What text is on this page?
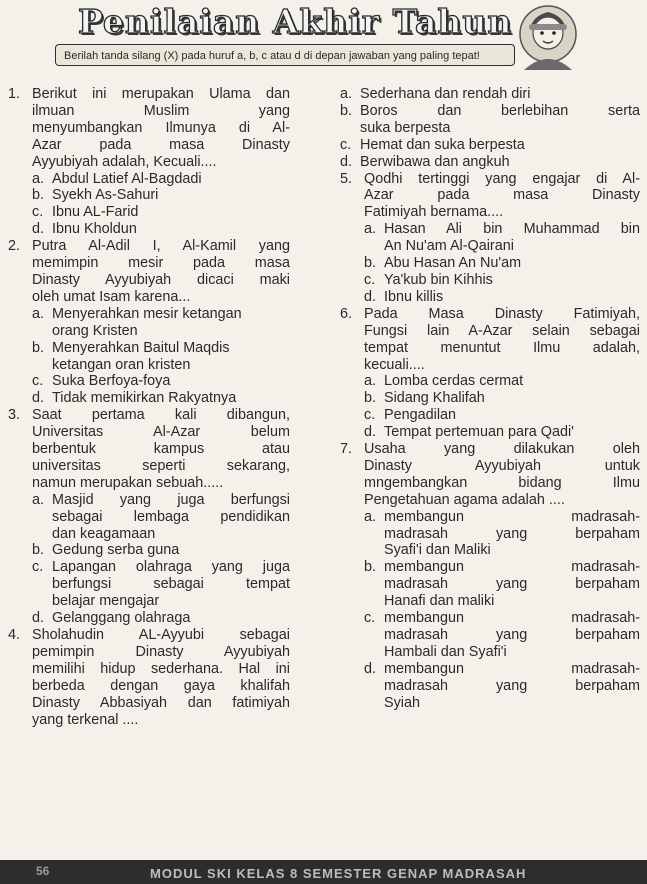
Penilaian Akhir Tahun
Berilah tanda silang (X) pada huruf a, b, c atau d di depan jawaban yang paling tepat!
1. Berikut ini merupakan Ulama dan
ilmuan Muslim yang
menyumbangkan Ilmunya di Al-
Azar pada masa Dinasty
Ayyubiyah adalah, Kecuali....
a. Abdul Latief Al-Bagdadi
b. Syekh As-Sahuri
c. Ibnu AL-Farid
d. Ibnu Kholdun
2. Putra Al-Adil I, Al-Kamil yang
memimpin mesir pada masa
Dinasty Ayyubiyah dicaci maki
oleh umat Isam karena...
a. Menyerahkan mesir ketangan
orang Kristen
b. Menyerahkan Baitul Maqdis
ketangan oran kristen
c. Suka Berfoya-foya
d. Tidak memikirkan Rakyatnya
3. Saat pertama kali dibangun,
Universitas Al-Azar belum
berbentuk kampus atau
universitas seperti sekarang,
namun merupakan sebuah.....
a. Masjid yang juga berfungsi
sebagai lembaga pendidikan
dan keagamaan
b. Gedung serba guna
c. Lapangan olahraga yang juga
berfungsi sebagai tempat
belajar mengajar
d. Gelanggang olahraga
4. Sholahudin AL-Ayyubi sebagai
pemimpin Dinasty Ayyubiyah
memilihi hidup sederhana. Hal ini
berbeda dengan gaya khalifah
Dinasty Abbasiyah dan fatimiyah
yang terkenal ....
a. Sederhana dan rendah diri
b. Boros dan berlebihan serta
suka berpesta
c. Hemat dan suka berpesta
d. Berwibawa dan angkuh
5. Qodhi tertinggi yang engajar di Al-
Azar pada masa Dinasty
Fatimiyah bernama....
a. Hasan Ali bin Muhammad bin
An Nu'am Al-Qairani
b. Abu Hasan An Nu'am
c. Ya'kub bin Kihhis
d. Ibnu killis
6. Pada Masa Dinasty Fatimiyah,
Fungsi lain A-Azar selain sebagai
tempat menuntut Ilmu adalah,
kecuali....
a. Lomba cerdas cermat
b. Sidang Khalifah
c. Pengadilan
d. Tempat pertemuan para Qadi'
7. Usaha yang dilakukan oleh
Dinasty Ayyubiyah untuk
mngembangkan bidang Ilmu
Pengetahuan agama adalah ....
a. membangun madrasah-
madrasah yang berpaham
Syafi'i dan Maliki
b. membangun madrasah-
madrasah yang berpaham
Hanafi dan maliki
c. membangun madrasah-
madrasah yang berpaham
Hambali dan Syafi'i
d. membangun madrasah-
madrasah yang berpaham
Syiah
56	MODUL SKI KELAS 8 SEMESTER GENAP MADRASAH
